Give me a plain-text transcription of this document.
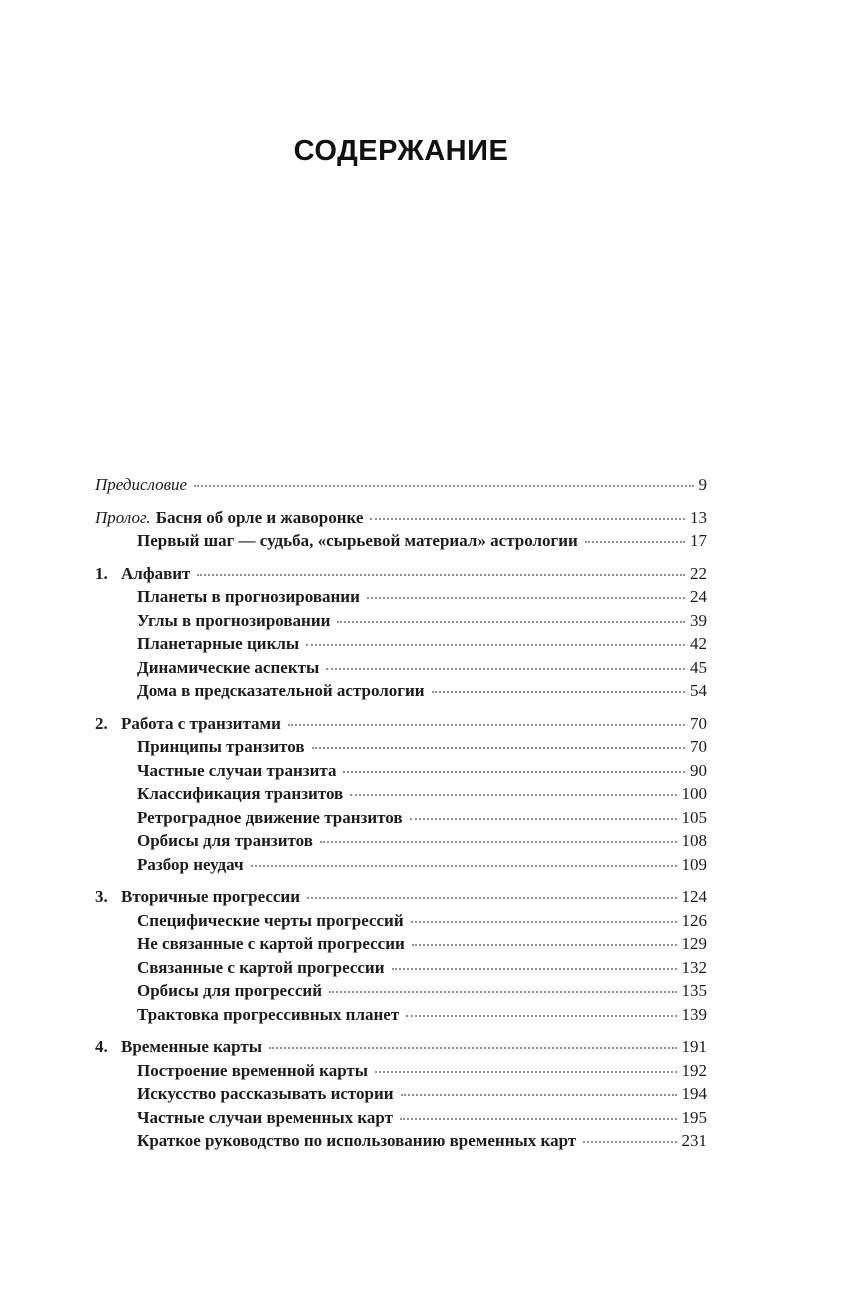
СОДЕРЖАНИЕ
Предисловие	9
Пролог. Басня об орле и жаворонке	13
Первый шаг — судьба, «сырьевой материал» астрологии	17
1. Алфавит	22
Планеты в прогнозировании	24
Углы в прогнозировании	39
Планетарные циклы	42
Динамические аспекты	45
Дома в предсказательной астрологии	54
2. Работа с транзитами	70
Принципы транзитов	70
Частные случаи транзита	90
Классификация транзитов	100
Ретроградное движение транзитов	105
Орбисы для транзитов	108
Разбор неудач	109
3. Вторичные прогрессии	124
Специфические черты прогрессий	126
Не связанные с картой прогрессии	129
Связанные с картой прогрессии	132
Орбисы для прогрессий	135
Трактовка прогрессивных планет	139
4. Временные карты	191
Построение временной карты	192
Искусство рассказывать истории	194
Частные случаи временных карт	195
Краткое руководство по использованию временных карт	231
